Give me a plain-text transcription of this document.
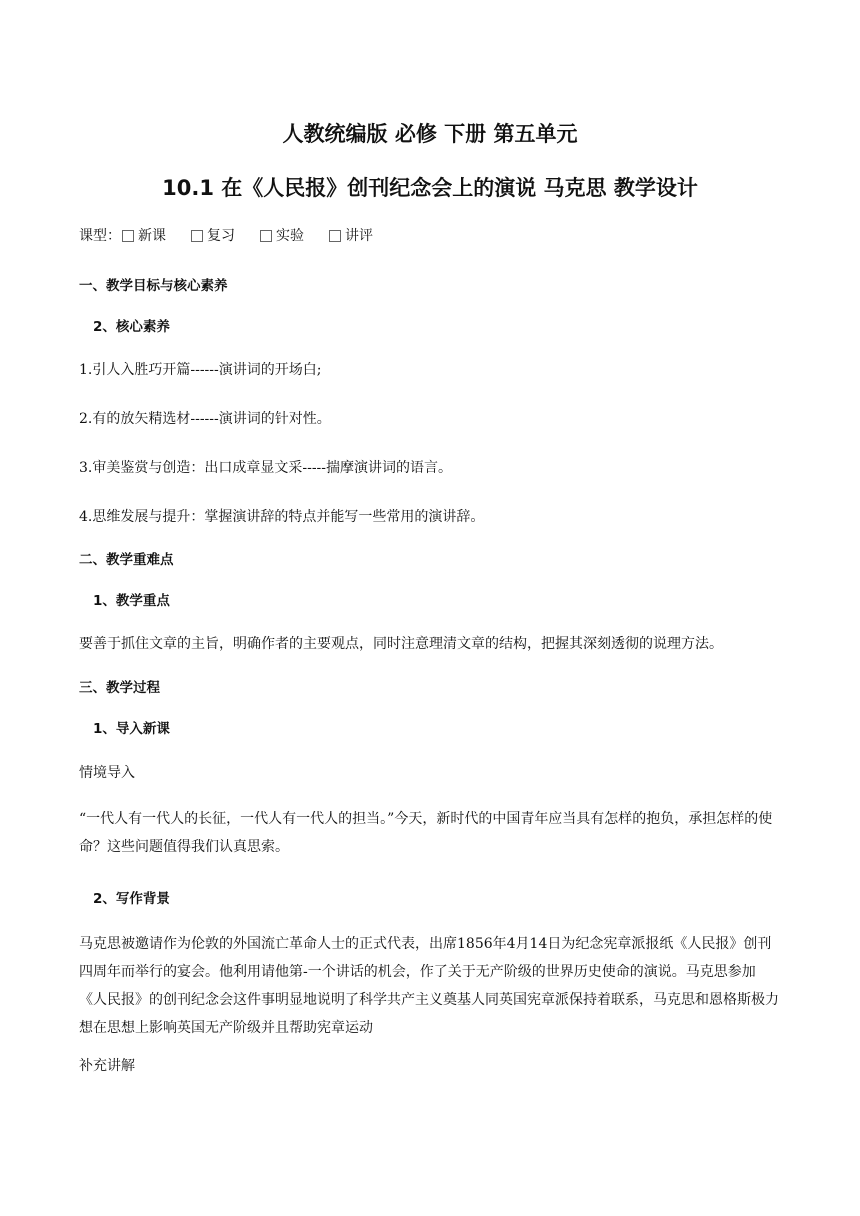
人教统编版 必修 下册 第五单元
10.1 在《人民报》创刊纪念会上的演说 马克思 教学设计
课型： 新课	复习	实验	讲评
一、教学目标与核心素养
2、核心素养
1.引人入胜巧开篇------演讲词的开场白;
2.有的放矢精选材------演讲词的针对性。
3.审美鉴赏与创造：出口成章显文采-----揣摩演讲词的语言。
4.思维发展与提升：掌握演讲辞的特点并能写一些常用的演讲辞。
二、教学重难点
1、教学重点
要善于抓住文章的主旨，明确作者的主要观点，同时注意理清文章的结构，把握其深刻透彻的说理方法。
三、教学过程
1、导入新课
情境导入
“一代人有一代人的长征，一代人有一代人的担当。”今天，新时代的中国青年应当具有怎样的抱负，承担怎样的使命？这些问题值得我们认真思索。
2、写作背景
马克思被邀请作为伦敦的外国流亡革命人士的正式代表，出席1856年4月14日为纪念宪章派报纸《人民报》创刊四周年而举行的宴会。他利用请他第-一个讲话的机会，作了关于无产阶级的世界历史使命的演说。马克思参加《人民报》的创刊纪念会这件事明显地说明了科学共产主义奠基人同英国宪章派保持着联系，马克思和恩格斯极力想在思想上影响英国无产阶级并且帮助宪章运动
补充讲解
